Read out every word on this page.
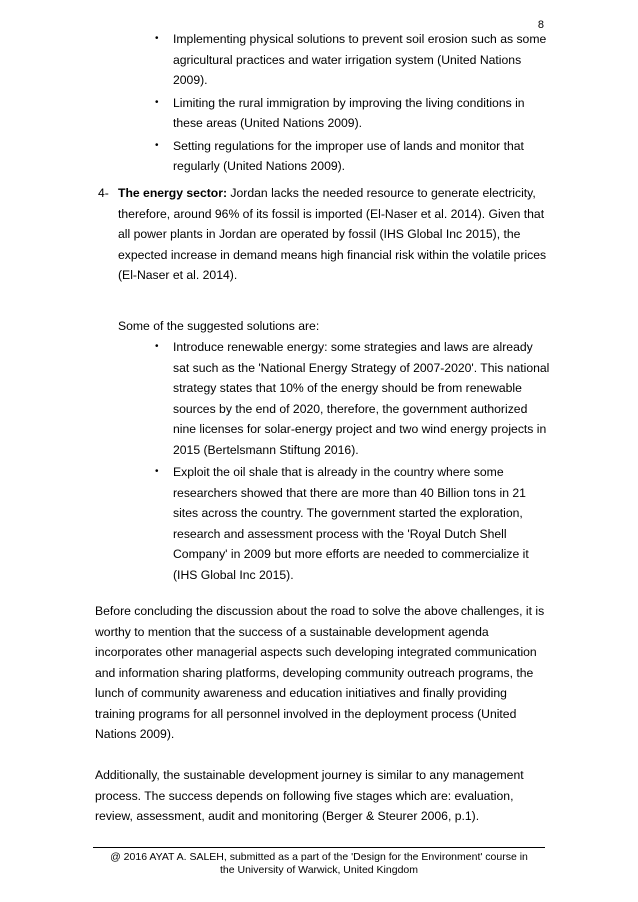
8
• Implementing physical solutions to prevent soil erosion such as some agricultural practices and water irrigation system (United Nations 2009).
• Limiting the rural immigration by improving the living conditions in these areas (United Nations 2009).
• Setting regulations for the improper use of lands and monitor that regularly (United Nations 2009).
4- The energy sector: Jordan lacks the needed resource to generate electricity, therefore, around 96% of its fossil is imported (El-Naser et al. 2014). Given that all power plants in Jordan are operated by fossil (IHS Global Inc 2015), the expected increase in demand means high financial risk within the volatile prices (El-Naser et al. 2014).
Some of the suggested solutions are:
• Introduce renewable energy: some strategies and laws are already sat such as the 'National Energy Strategy of 2007-2020'. This national strategy states that 10% of the energy should be from renewable sources by the end of 2020, therefore, the government authorized nine licenses for solar-energy project and two wind energy projects in 2015 (Bertelsmann Stiftung 2016).
• Exploit the oil shale that is already in the country where some researchers showed that there are more than 40 Billion tons in 21 sites across the country. The government started the exploration, research and assessment process with the 'Royal Dutch Shell Company' in 2009 but more efforts are needed to commercialize it (IHS Global Inc 2015).
Before concluding the discussion about the road to solve the above challenges, it is worthy to mention that the success of a sustainable development agenda incorporates other managerial aspects such developing integrated communication and information sharing platforms, developing community outreach programs, the lunch of community awareness and education initiatives and finally providing training programs for all personnel involved in the deployment process (United Nations 2009).
Additionally, the sustainable development journey is similar to any management process. The success depends on following five stages which are: evaluation, review, assessment, audit and monitoring (Berger & Steurer 2006, p.1).
@ 2016 AYAT A. SALEH, submitted as a part of the 'Design for the Environment' course in
the University of Warwick, United Kingdom
